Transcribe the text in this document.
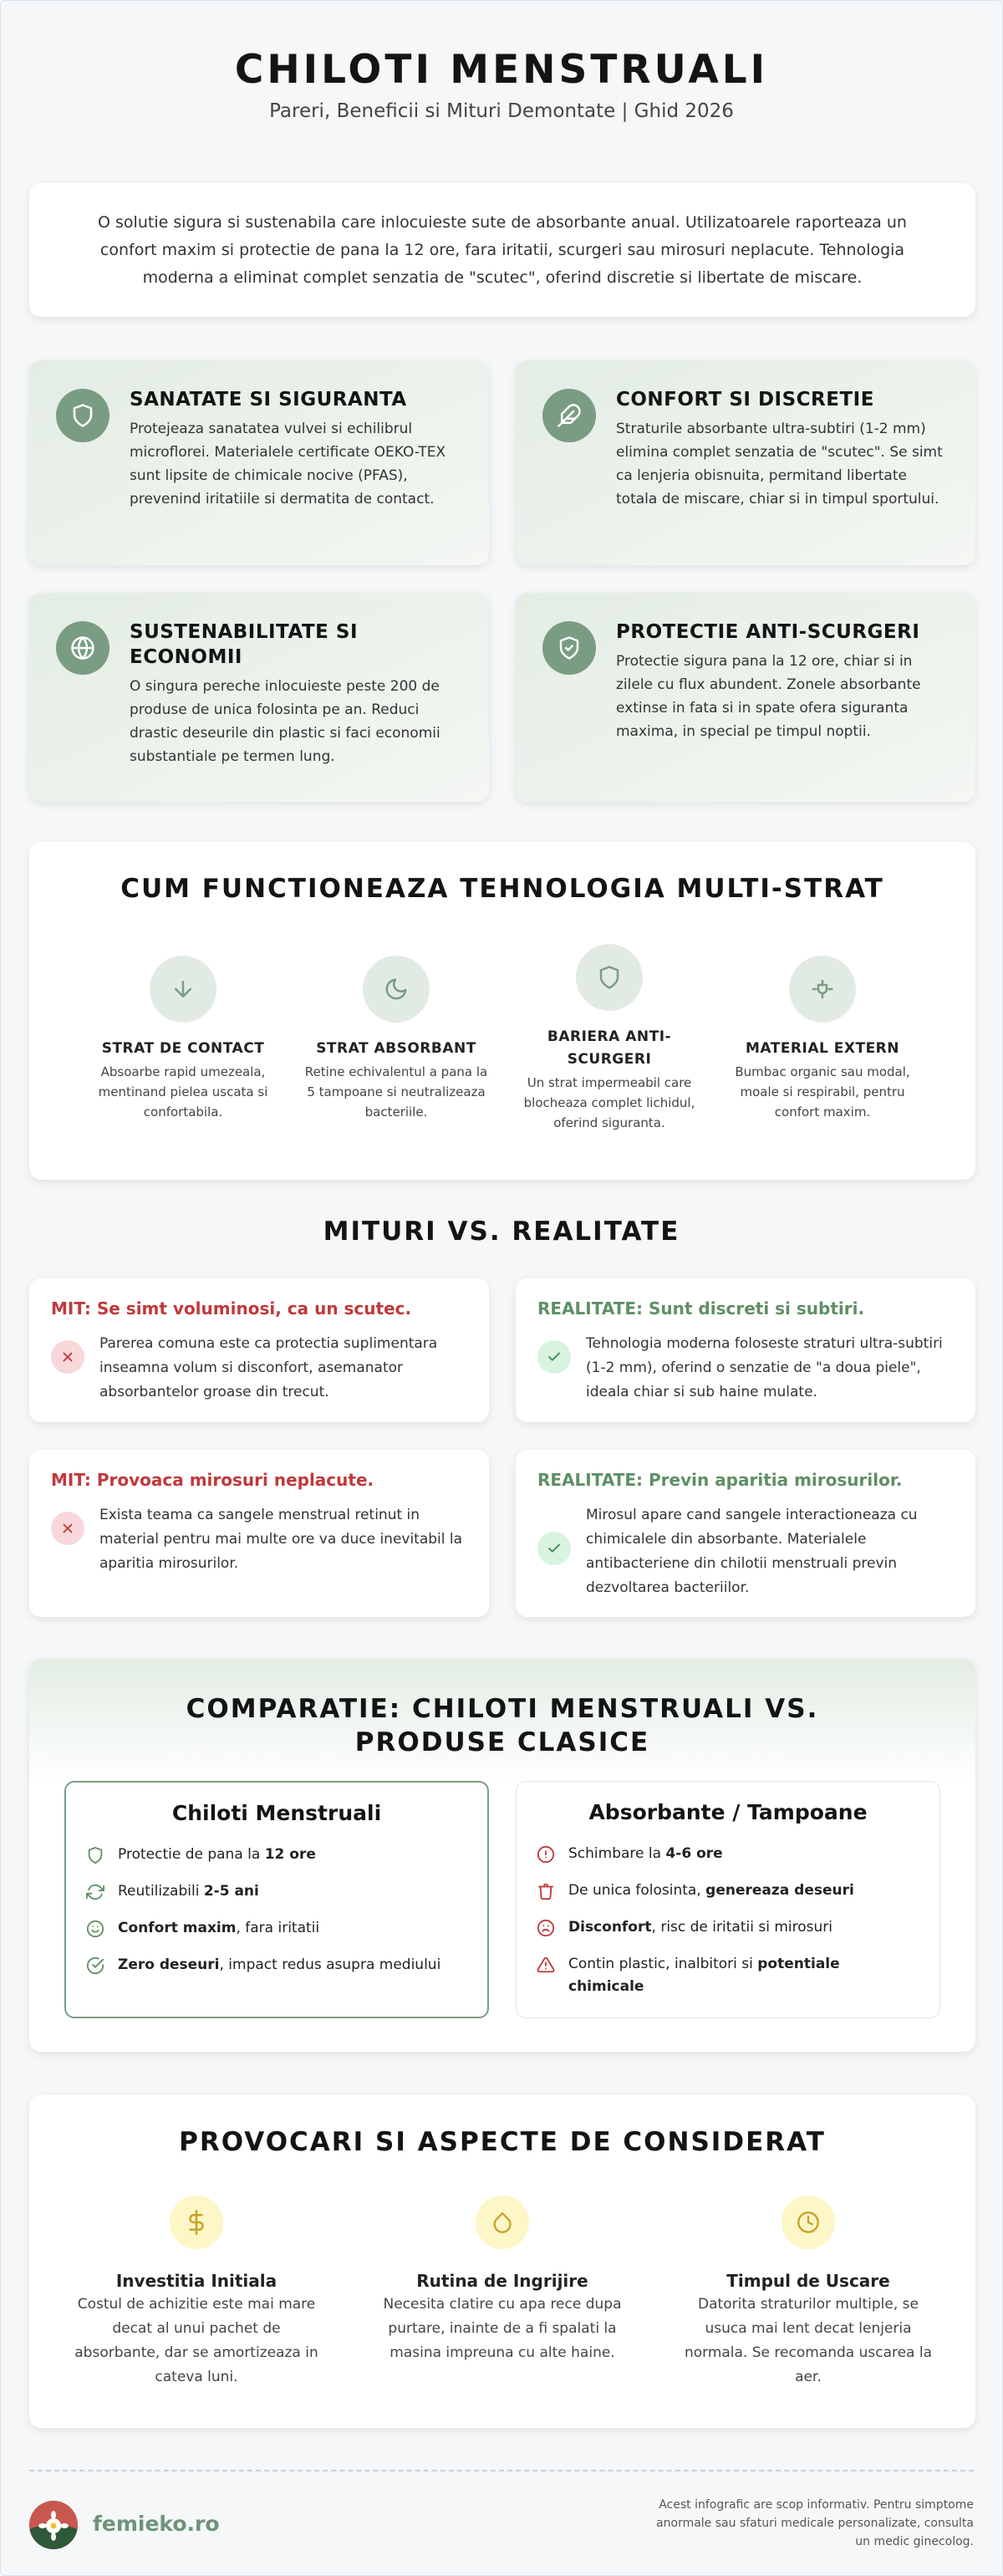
CHILOTI MENSTRUALI
Pareri, Beneficii si Mituri Demontate | Ghid 2026

O solutie sigura si sustenabila care inlocuieste sute de absorbante anual. Utilizatoarele raporteaza un confort maxim si protectie de pana la 12 ore, fara iritatii, scurgeri sau mirosuri neplacute. Tehnologia moderna a eliminat complet senzatia de "scutec", oferind discretie si libertate de miscare.

SANATATE SI SIGURANTA

Protejeaza sanatatea vulvei si echilibrul microflorei. Materialele certificate OEKO-TEX sunt lipsite de chimicale nocive (PFAS), prevenind iritatiile si dermatita de contact.

CONFORT SI DISCRETIE

Straturile absorbante ultra-subtiri (1-2 mm) elimina complet senzatia de "scutec". Se simt ca lenjeria obisnuita, permitand libertate totala de miscare, chiar si in timpul sportului.

SUSTENABILITATE SI ECONOMII

O singura pereche inlocuieste peste 200 de produse de unica folosinta pe an. Reduci drastic deseurile din plastic si faci economii substantiale pe termen lung.

PROTECTIE ANTI-SCURGERI

Protectie sigura pana la 12 ore, chiar si in zilele cu flux abundent. Zonele absorbante extinse in fata si in spate ofera siguranta maxima, in special pe timpul noptii.

CUM FUNCTIONEAZA TEHNOLOGIA MULTI-STRAT
STRAT DE CONTACT

Absoarbe rapid umezeala, mentinand pielea uscata si confortabila.

STRAT ABSORBANT

Retine echivalentul a pana la 5 tampoane si neutralizeaza bacteriile.

BARIERA ANTI-SCURGERI

Un strat impermeabil care blocheaza complet lichidul, oferind siguranta.

MATERIAL EXTERN

Bumbac organic sau modal, moale si respirabil, pentru confort maxim.

MITURI VS. REALITATE
MIT: Se simt voluminosi, ca un scutec.

Parerea comuna este ca protectia suplimentara inseamna volum si disconfort, asemanator absorbantelor groase din trecut.

REALITATE: Sunt discreti si subtiri.

Tehnologia moderna foloseste straturi ultra-subtiri (1-2 mm), oferind o senzatie de "a doua piele", ideala chiar si sub haine mulate.

MIT: Provoaca mirosuri neplacute.

Exista teama ca sangele menstrual retinut in material pentru mai multe ore va duce inevitabil la aparitia mirosurilor.

REALITATE: Previn aparitia mirosurilor.

Mirosul apare cand sangele interactioneaza cu chimicalele din absorbante. Materialele antibacteriene din chilotii menstruali previn dezvoltarea bacteriilor.

COMPARATIE: CHILOTI MENSTRUALI VS. PRODUSE CLASICE
Chiloti Menstruali
Protectie de pana la 12 ore
Reutilizabili 2-5 ani
Confort maxim, fara iritatii
Zero deseuri, impact redus asupra mediului
Absorbante / Tampoane
Schimbare la 4-6 ore
De unica folosinta, genereaza deseuri
Disconfort, risc de iritatii si mirosuri
Contin plastic, inalbitori si potentiale chimicale
PROVOCARI SI ASPECTE DE CONSIDERAT
Investitia Initiala

Costul de achizitie este mai mare decat al unui pachet de absorbante, dar se amortizeaza in cateva luni.

Rutina de Ingrijire

Necesita clatire cu apa rece dupa purtare, inainte de a fi spalati la masina impreuna cu alte haine.

Timpul de Uscare

Datorita straturilor multiple, se usuca mai lent decat lenjeria normala. Se recomanda uscarea la aer.

femieko.ro
Acest infografic are scop informativ. Pentru simptome anormale sau sfaturi medicale personalizate, consulta un medic ginecolog.
